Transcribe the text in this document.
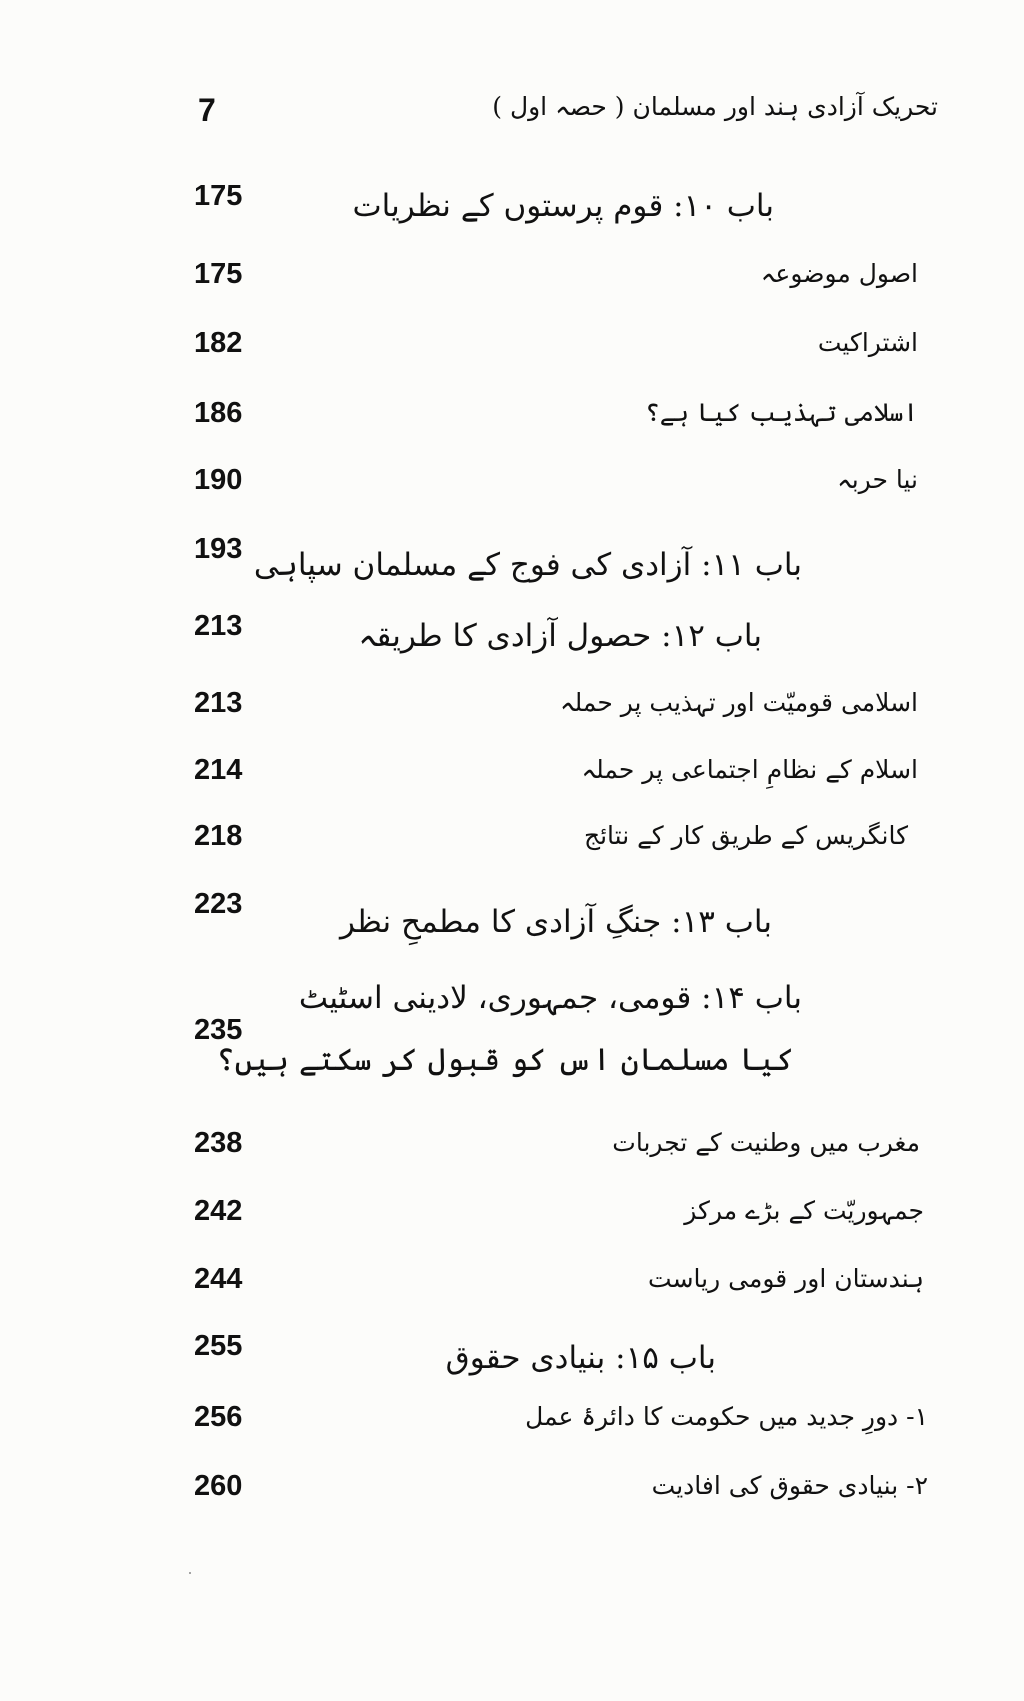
7	تحریک آزادی ہند اور مسلمان ( حصہ اول )
175	باب ۱۰: قوم پرستوں کے نظریات
175	اصول موضوعہ
182	اشتراکیت
186	اسلامی تہذیب کیا ہے؟
190	نیا حربہ
193 باب ۱۱: آزادی کی فوج کے مسلمان سپاہی
213	باب ۱۲: حصول آزادی کا طریقہ
213	اسلامی قومیّت اور تہذیب پر حملہ
214	اسلام کے نظامِ اجتماعی پر حملہ
218	کانگریس کے طریق کار کے نتائج
223	باب ۱۳: جنگِ آزادی کا مطمحِ نظر
235
باب ۱۴: قومی، جمہوری، لادینی اسٹیٹ
کیا مسلمان اس کو قبول کر سکتے ہیں؟
238	مغرب میں وطنیت کے تجربات
242	جمہوریّت کے بڑے مرکز
244	ہندستان اور قومی ریاست
255	باب ۱۵: بنیادی حقوق
256	۱- دورِ جدید میں حکومت کا دائرۂ عمل
260	۲- بنیادی حقوق کی افادیت
